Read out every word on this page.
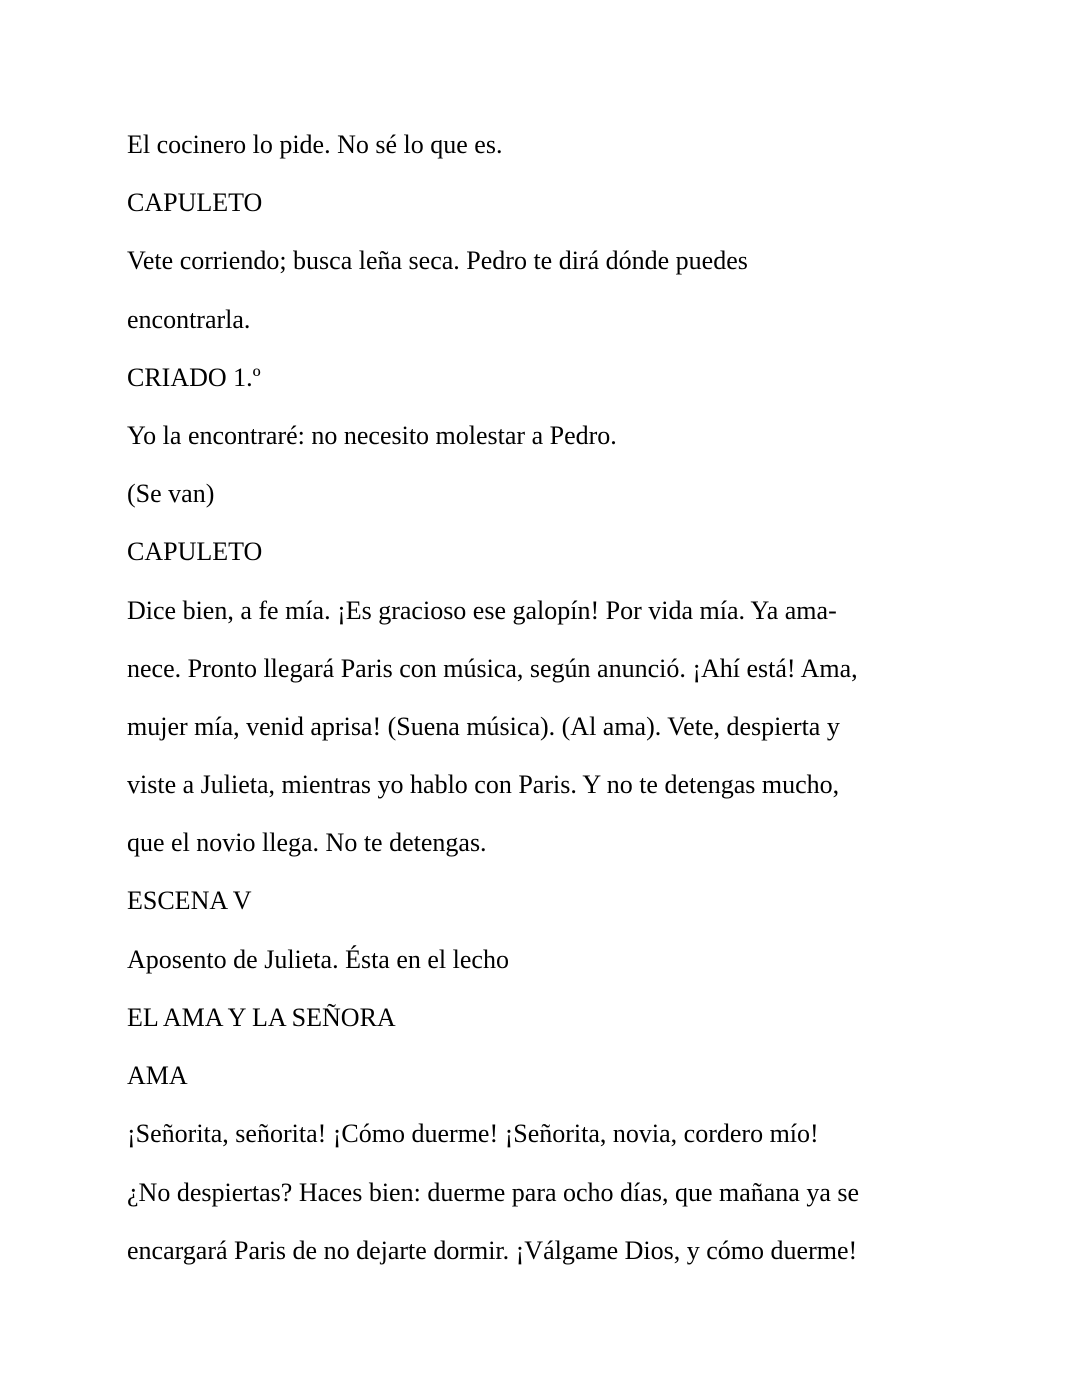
El cocinero lo pide. No sé lo que es.

CAPULETO

Vete corriendo; busca leña seca. Pedro te dirá dónde puedes

encontrarla.

CRIADO 1.º

Yo la encontraré: no necesito molestar a Pedro.

(Se van)

CAPULETO

Dice bien, a fe mía. ¡Es gracioso ese galopín! Por vida mía. Ya ama-

nece. Pronto llegará Paris con música, según anunció. ¡Ahí está! Ama,

mujer mía, venid aprisa! (Suena música). (Al ama). Vete, despierta y

viste a Julieta, mientras yo hablo con Paris. Y no te detengas mucho,

que el novio llega. No te detengas.

ESCENA V

Aposento de Julieta. Ésta en el lecho

EL AMA Y LA SEÑORA

AMA

¡Señorita, señorita! ¡Cómo duerme! ¡Señorita, novia, cordero mío!

¿No despiertas? Haces bien: duerme para ocho días, que mañana ya se

encargará Paris de no dejarte dormir. ¡Válgame Dios, y cómo duerme!
